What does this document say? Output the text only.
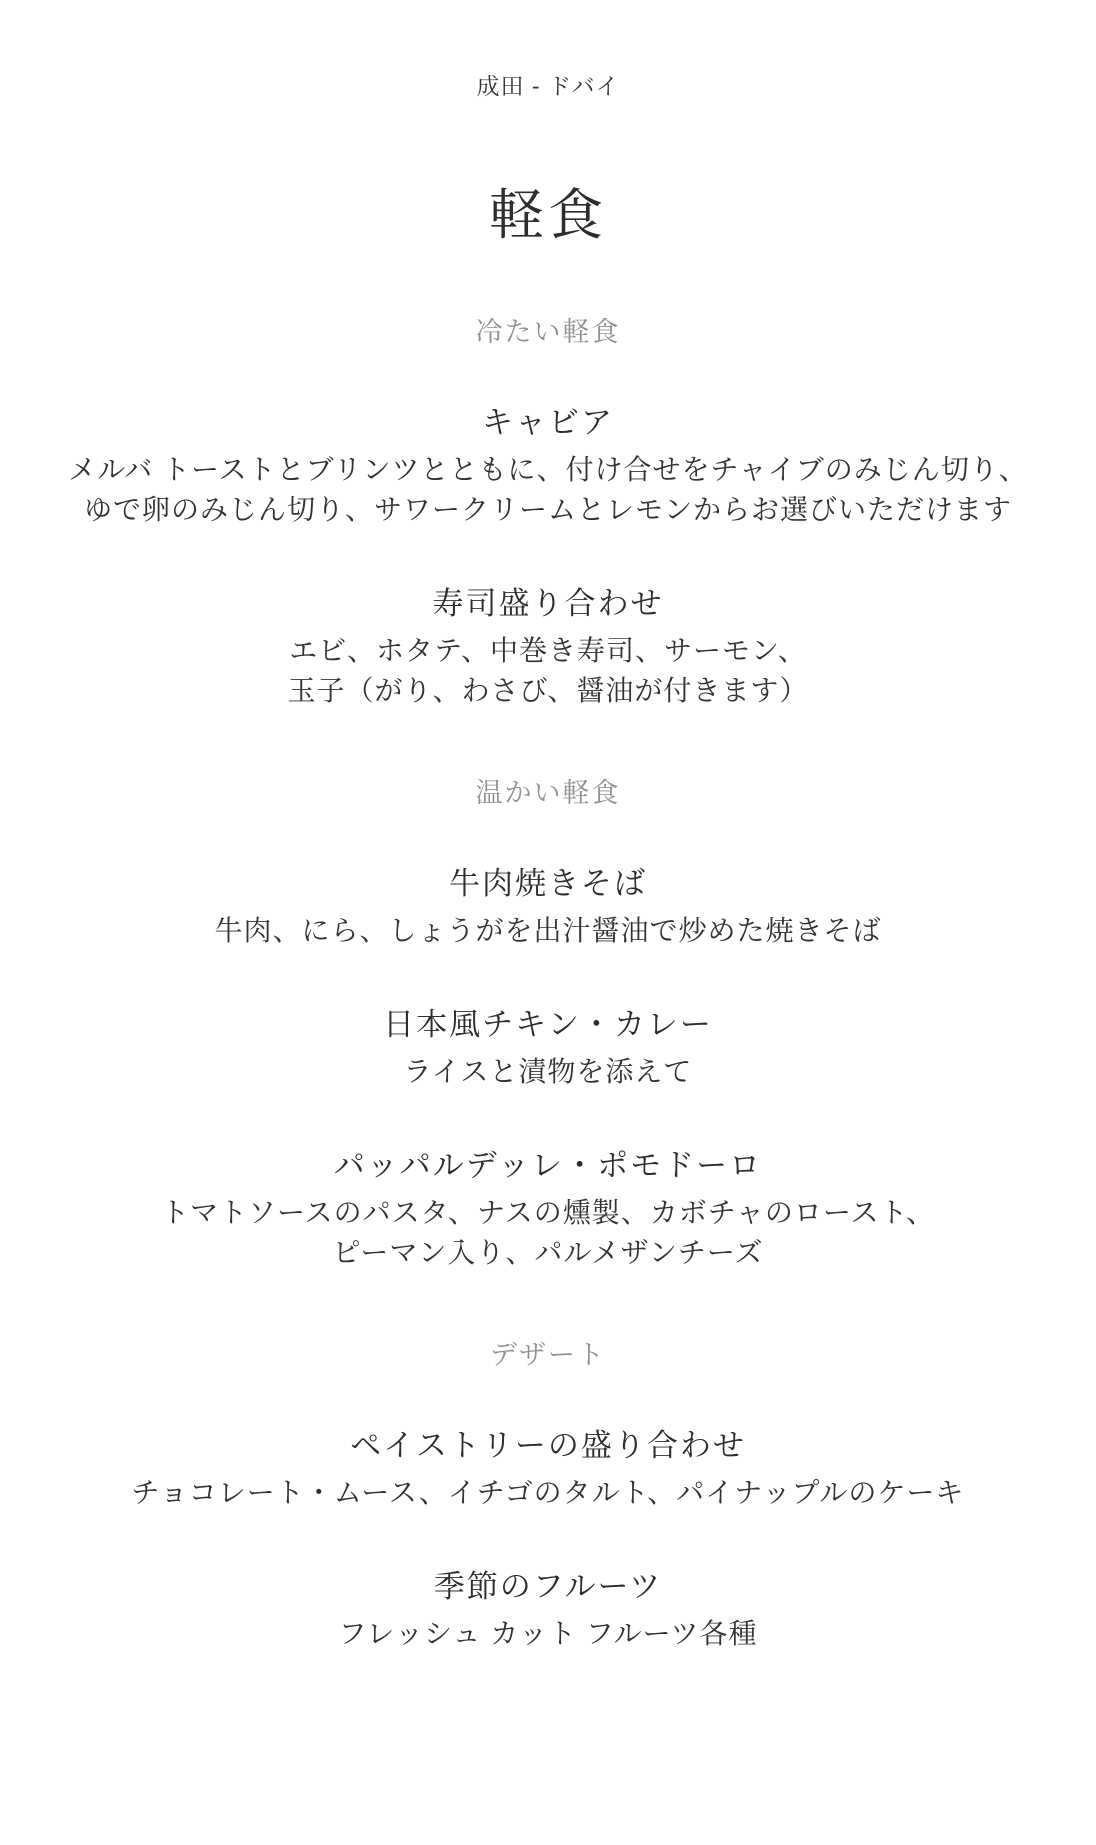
成田 - ドバイ
軽食
冷たい軽食
キャビア
メルバ トーストとブリンツとともに、付け合せをチャイブのみじん切り、
ゆで卵のみじん切り、サワークリームとレモンからお選びいただけます
寿司盛り合わせ
エビ、ホタテ、中巻き寿司、サーモン、
玉子（がり、わさび、醤油が付きます）
温かい軽食
牛肉焼きそば
牛肉、にら、しょうがを出汁醤油で炒めた焼きそば
日本風チキン・カレー
ライスと漬物を添えて
パッパルデッレ・ポモドーロ
トマトソースのパスタ、ナスの燻製、カボチャのロースト、
ピーマン入り、パルメザンチーズ
デザート
ペイストリーの盛り合わせ
チョコレート・ムース、イチゴのタルト、パイナップルのケーキ
季節のフルーツ
フレッシュ カット フルーツ各種
